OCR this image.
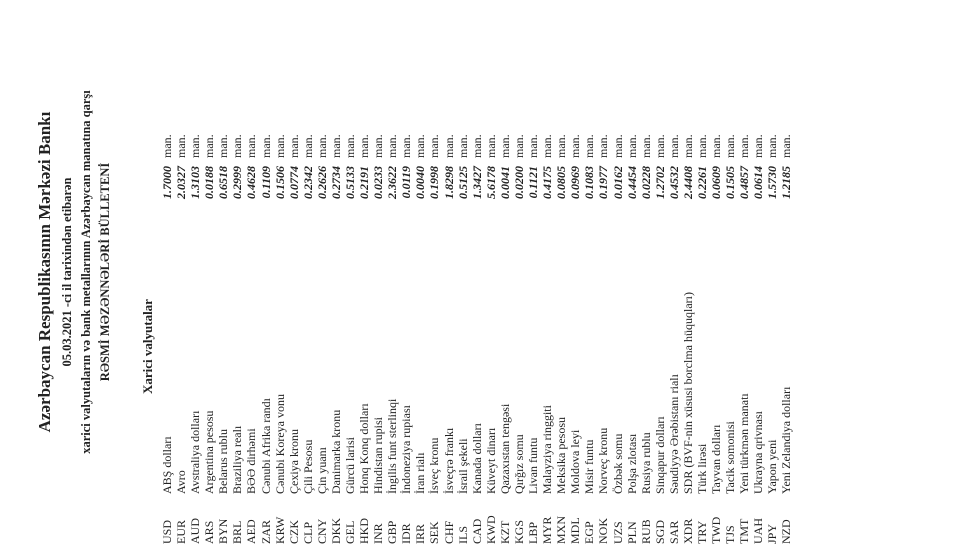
Azərbaycan Respublikasının Mərkəzi Bankı 05.03.2021 -ci il tarixindən etibarən xarici valyutaların və bank metallarının Azərbaycan manatına qarşı RƏSMİ MƏZƏNNƏLƏRİ BÜLLETENİ Xarici valyutalar
USD
ABŞ dolları
1.7000
man.
EUR
Avro
2.0327
man.
AUD
Avstraliya dolları
1.3103
man.
ARS
Argentina pesosu
0.0188
man.
BYN
Belarus rublu
0.6518
man.
BRL
Braziliya realı
0.2999
man.
AED
BƏƏ dirhəmi
0.4628
man.
ZAR
Cənubi Afrika randı
0.1109
man.
KRW
Cənubi Koreya vonu
0.1506
man.
CZK
Çexiya kronu
0.0774
man.
CLP
Çili Pesosu
0.2342
man.
CNY
Çin yuanı
0.2626
man.
DKK
Danimarka kronu
0.2734
man.
GEL
Gürcü larisi
0.5133
man.
HKD
Honq Konq dolları
0.2191
man.
INR
Hindistan rupisi
0.0233
man.
GBP
İngilis funt sterlinqi
2.3622
man.
IDR
İndoneziya rupiası
0.0119
man.
IRR
İran rialı
0.0040
man.
SEK
İsveç kronu
0.1998
man.
CHF
İsveçrə frankı
1.8298
man.
ILS
İsrail şekeli
0.5125
man.
CAD
Kanada dolları
1.3427
man.
KWD
Küveyt dinarı
5.6178
man.
KZT
Qazaxıstan tengəsi
0.0041
man.
KGS
Qırğız somu
0.0200
man.
LBP
Livan funtu
0.1121
man.
MYR
Malayziya ringgiti
0.4175
man.
MXN
Meksika pesosu
0.0805
man.
MDL
Moldova leyi
0.0969
man.
EGP
Misir funtu
0.1083
man.
NOK
Norveç kronu
0.1977
man.
UZS
Özbək somu
0.0162
man.
PLN
Polşa zlotası
0.4454
man.
RUB
Rusiya rublu
0.0228
man.
SGD
Sinqapur dolları
1.2702
man.
SAR
Səudiyyə Ərəbistanı rialı
0.4532
man.
XDR
SDR (BVF-nin xüsusi borclma hüquqları)
2.4408
man.
TRY
Türk lirəsi
0.2261
man.
TWD
Tayvan dolları
0.0609
man.
TJS
Tacik somonisi
0.1505
man.
TMT
Yeni türkmən manatı
0.4857
man.
UAH
Ukrayna qrivnası
0.0614
man.
JPY
Yapon yeni
1.5730
man.
NZD
Yeni Zelandiya dolları
1.2185
man.
